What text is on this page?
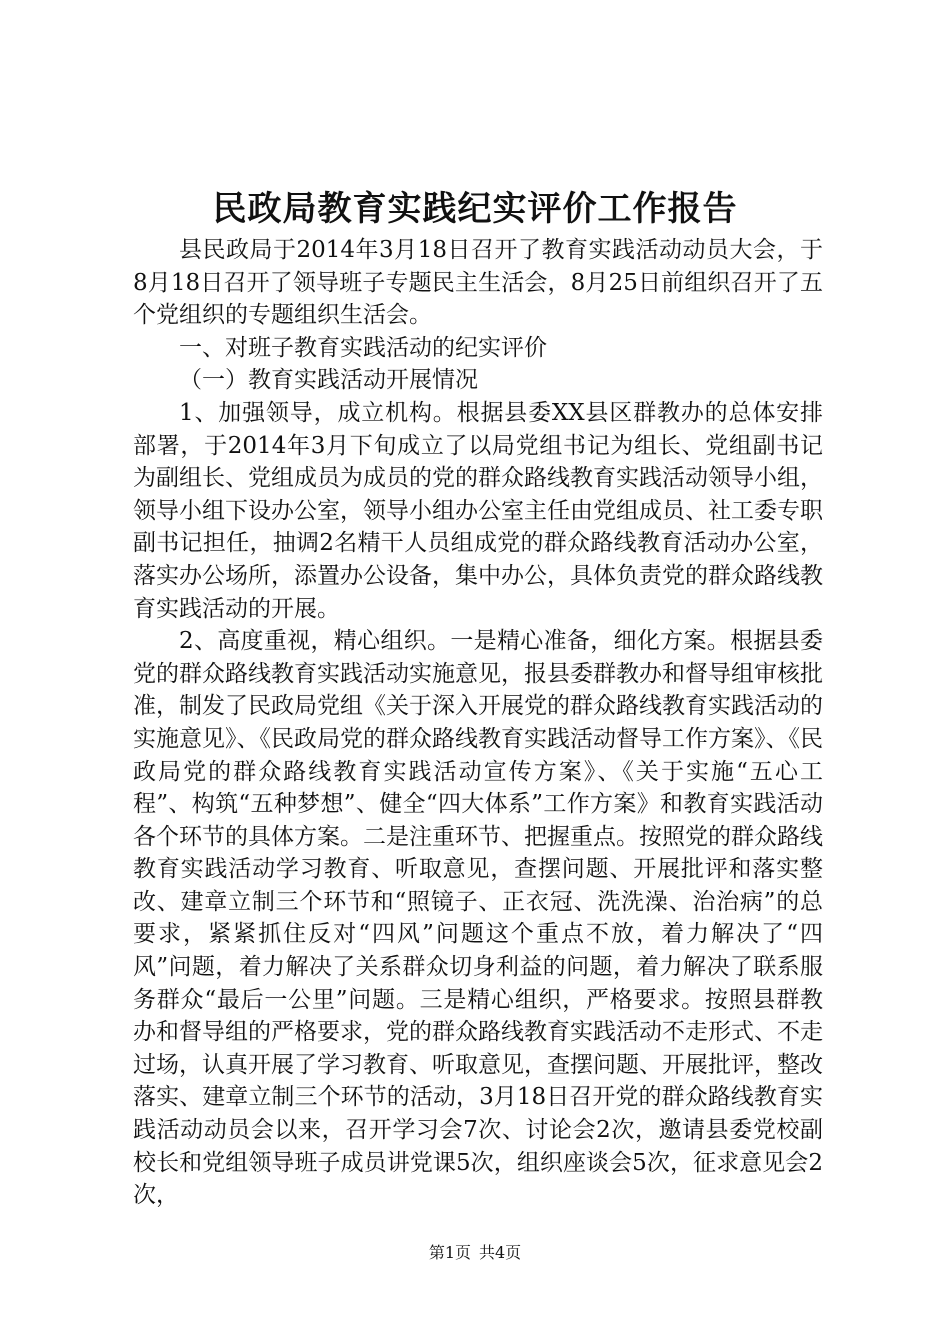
民政局教育实践纪实评价工作报告

县民政局于2014年3月18日召开了教育实践活动动员大会，于8月18日召开了领导班子专题民主生活会，8月25日前组织召开了五个党组织的专题组织生活会。

一、对班子教育实践活动的纪实评价

（一）教育实践活动开展情况

1、加强领导，成立机构。根据县委XX县区群教办的总体安排部署，于2014年3月下旬成立了以局党组书记为组长、党组副书记为副组长、党组成员为成员的党的群众路线教育实践活动领导小组，领导小组下设办公室，领导小组办公室主任由党组成员、社工委专职副书记担任，抽调2名精干人员组成党的群众路线教育活动办公室，落实办公场所，添置办公设备，集中办公，具体负责党的群众路线教育实践活动的开展。

2、高度重视，精心组织。一是精心准备，细化方案。根据县委党的群众路线教育实践活动实施意见，报县委群教办和督导组审核批准，制发了民政局党组《关于深入开展党的群众路线教育实践活动的实施意见》、《民政局党的群众路线教育实践活动督导工作方案》、《民政局党的群众路线教育实践活动宣传方案》、《关于实施“五心工程”、构筑“五种梦想”、健全“四大体系”工作方案》和教育实践活动各个环节的具体方案。二是注重环节、把握重点。按照党的群众路线教育实践活动学习教育、听取意见，查摆问题、开展批评和落实整改、建章立制三个环节和“照镜子、正衣冠、洗洗澡、治治病”的总要求，紧紧抓住反对“四风”问题这个重点不放，着力解决了“四风”问题，着力解决了关系群众切身利益的问题，着力解决了联系服务群众“最后一公里”问题。三是精心组织，严格要求。按照县群教办和督导组的严格要求，党的群众路线教育实践活动不走形式、不走过场，认真开展了学习教育、听取意见，查摆问题、开展批评，整改落实、建章立制三个环节的活动，3月18日召开党的群众路线教育实践活动动员会以来，召开学习会7次、讨论会2次，邀请县委党校副校长和党组领导班子成员讲党课5次，组织座谈会5次，征求意见会2次，

第1页 共4页
